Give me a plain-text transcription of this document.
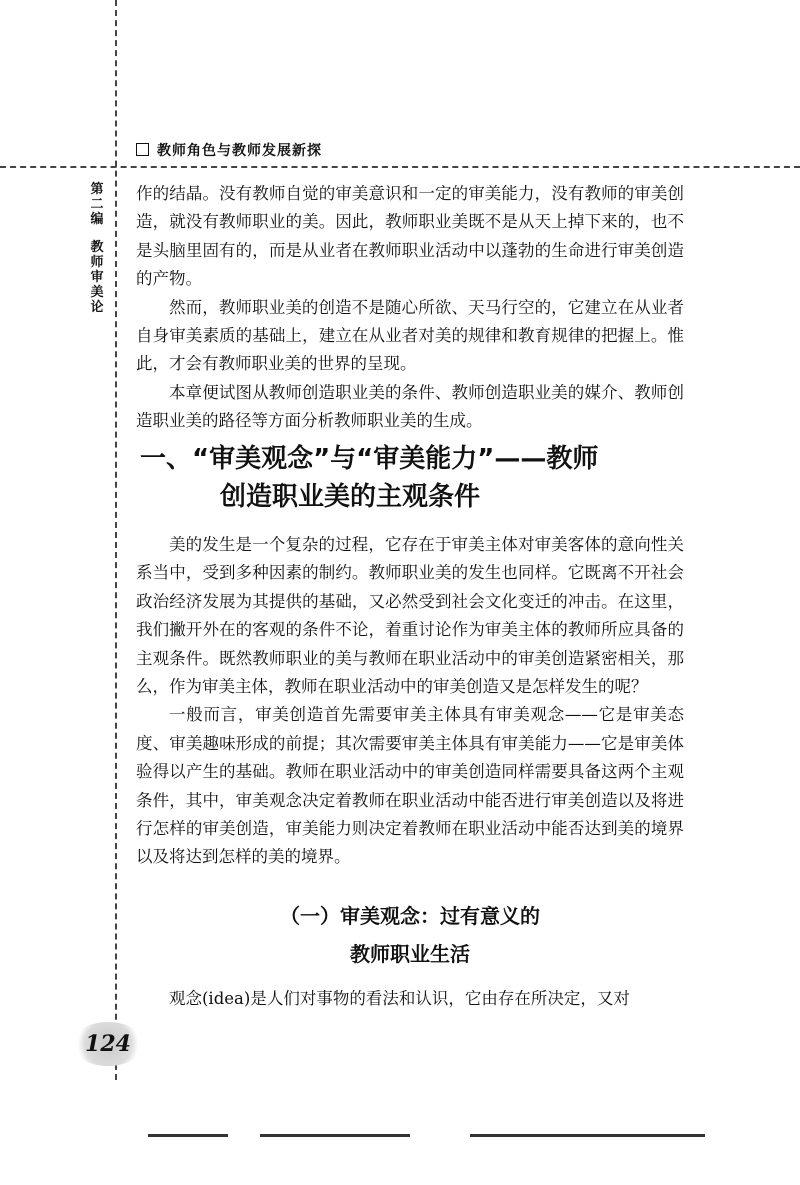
教师角色与教师发展新探
第二编
教师审美论

作的结晶。没有教师自觉的审美意识和一定的审美能力，没有教师的审美创造，就没有教师职业的美。因此，教师职业美既不是从天上掉下来的，也不是头脑里固有的，而是从业者在教师职业活动中以蓬勃的生命进行审美创造的产物。

然而，教师职业美的创造不是随心所欲、天马行空的，它建立在从业者自身审美素质的基础上，建立在从业者对美的规律和教育规律的把握上。惟此，才会有教师职业美的世界的呈现。

本章便试图从教师创造职业美的条件、教师创造职业美的媒介、教师创造职业美的路径等方面分析教师职业美的生成。

一、“审美观念”与“审美能力”——教师
创造职业美的主观条件

美的发生是一个复杂的过程，它存在于审美主体对审美客体的意向性关系当中，受到多种因素的制约。教师职业美的发生也同样。它既离不开社会政治经济发展为其提供的基础，又必然受到社会文化变迁的冲击。在这里，我们撇开外在的客观的条件不论，着重讨论作为审美主体的教师所应具备的主观条件。既然教师职业的美与教师在职业活动中的审美创造紧密相关，那么，作为审美主体，教师在职业活动中的审美创造又是怎样发生的呢？

一般而言，审美创造首先需要审美主体具有审美观念——它是审美态度、审美趣味形成的前提；其次需要审美主体具有审美能力——它是审美体验得以产生的基础。教师在职业活动中的审美创造同样需要具备这两个主观条件，其中，审美观念决定着教师在职业活动中能否进行审美创造以及将进行怎样的审美创造，审美能力则决定着教师在职业活动中能否达到美的境界以及将达到怎样的美的境界。

（一）审美观念：过有意义的
教师职业生活

观念(idea)是人们对事物的看法和认识，它由存在所决定，又对

124
